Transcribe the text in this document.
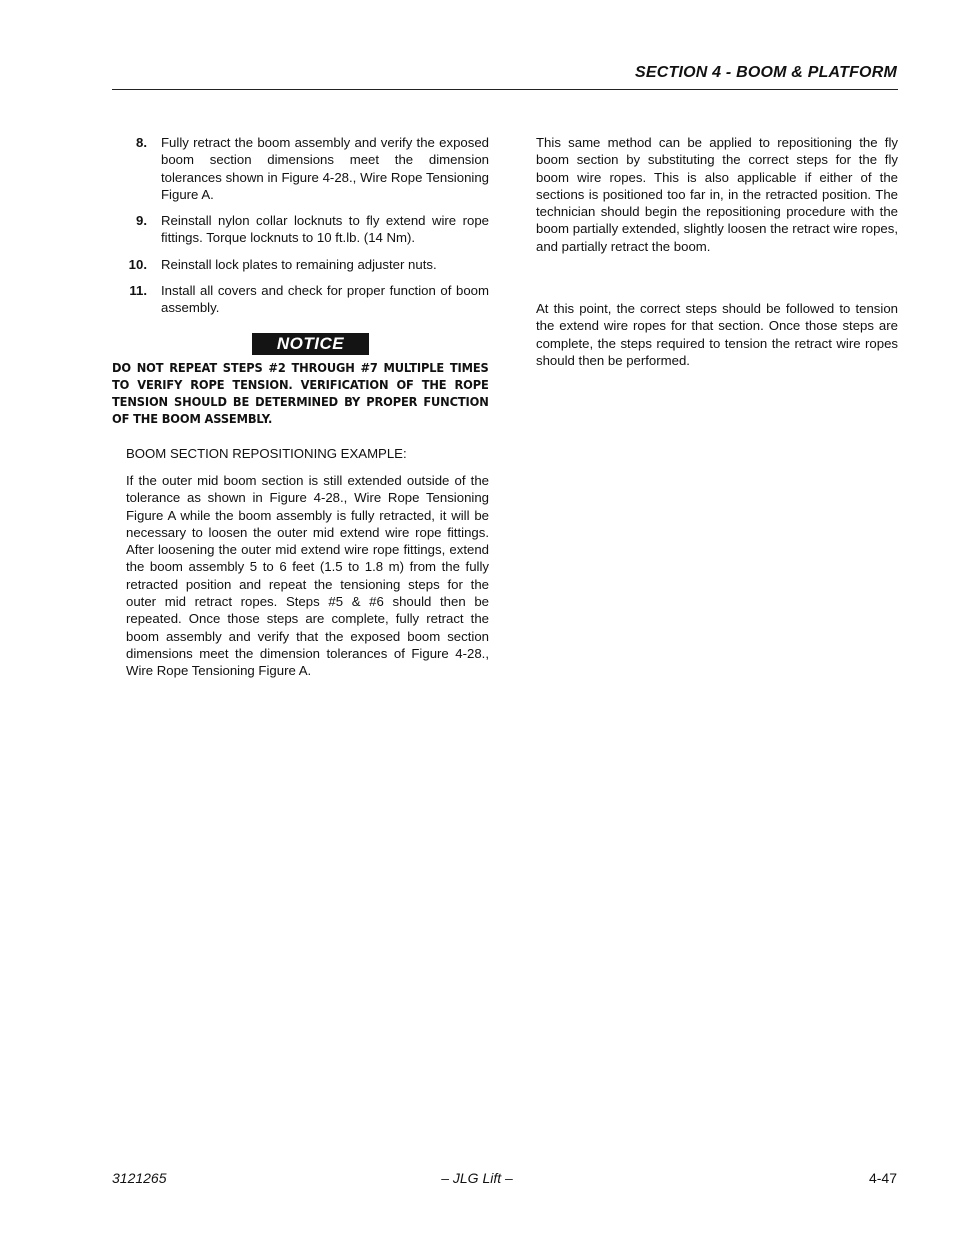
SECTION 4 - BOOM & PLATFORM
8.	Fully retract the boom assembly and verify the exposed boom section dimensions meet the dimension tolerances shown in Figure 4-28., Wire Rope Tensioning Figure A.
9.	Reinstall nylon collar locknuts to fly extend wire rope fittings. Torque locknuts to 10 ft.lb. (14 Nm).
10.	Reinstall lock plates to remaining adjuster nuts.
11.	Install all covers and check for proper function of boom assembly.
NOTICE
DO NOT REPEAT STEPS #2 THROUGH #7 MULTIPLE TIMES TO VERIFY ROPE TENSION. VERIFICATION OF THE ROPE TENSION SHOULD BE DETERMINED BY PROPER FUNCTION OF THE BOOM ASSEMBLY.
BOOM SECTION REPOSITIONING EXAMPLE:
If the outer mid boom section is still extended outside of the tolerance as shown in Figure 4-28., Wire Rope Tensioning Figure A while the boom assembly is fully retracted, it will be necessary to loosen the outer mid extend wire rope fittings. After loosening the outer mid extend wire rope fittings, extend the boom assembly 5 to 6 feet (1.5 to 1.8 m) from the fully retracted position and repeat the tensioning steps for the outer mid retract ropes. Steps #5 & #6 should then be repeated. Once those steps are complete, fully retract the boom assembly and verify that the exposed boom section dimensions meet the dimension tolerances of Figure 4-28., Wire Rope Tensioning Figure A.
This same method can be applied to repositioning the fly boom section by substituting the correct steps for the fly boom wire ropes. This is also applicable if either of the sections is positioned too far in, in the retracted position. The technician should begin the repositioning procedure with the boom partially extended, slightly loosen the retract wire ropes, and partially retract the boom.
At this point, the correct steps should be followed to tension the extend wire ropes for that section. Once those steps are complete, the steps required to tension the retract wire ropes should then be performed.
3121265	– JLG Lift –	4-47
